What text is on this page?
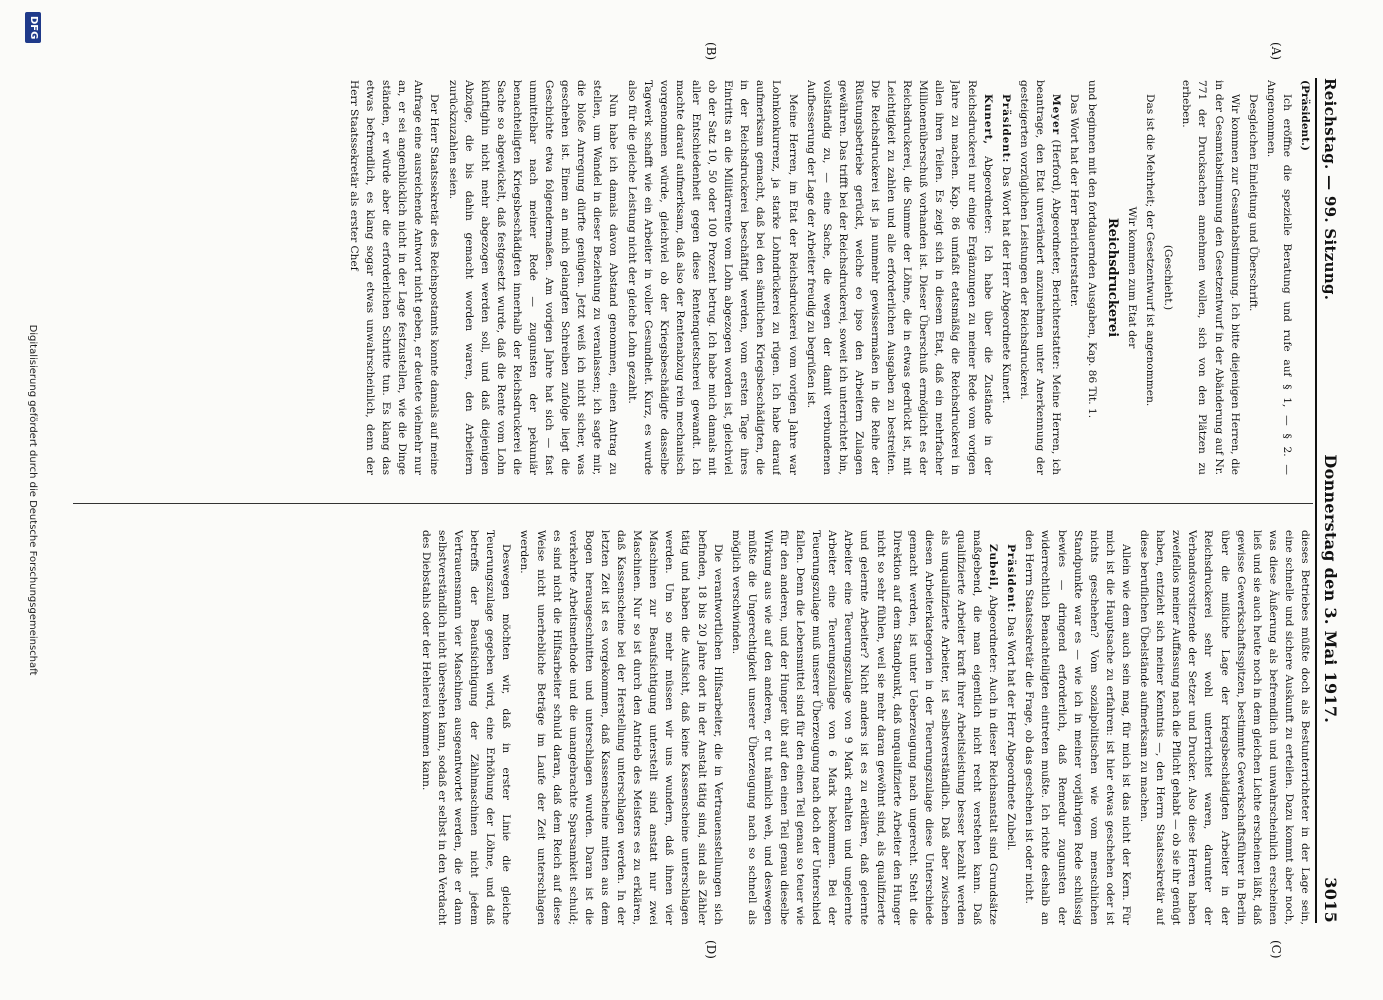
Reichstag. — 99. Sitzung.
Donnerstag den 3. Mai 1917.
3015
(A)
(B)
(C)
(D)

(Präsident.)

Ich eröffne die spezielle Beratung und rufe auf § 1, — § 2. — Angenommen.

Desgleichen Einleitung und Überschrift.

Wir kommen zur Gesamtabstimmung. Ich bitte diejenigen Herren, die in der Gesamtabstimmung den Gesetzentwurf in der Abänderung auf Nr. 771 der Drucksachen annehmen wollen, sich von den Plätzen zu erheben.

(Geschieht.)

Das ist die Mehrheit; der Gesetzentwurf ist angenommen.

Wir kommen zum Etat der

Reichsdruckerei

und beginnen mit den fortdauernden Ausgaben, Kap. 86 Tit. 1.

Das Wort hat der Herr Berichterstatter.

Meyer (Herford), Abgeordneter, Berichterstatter: Meine Herren, ich beantrage, den Etat unverändert anzunehmen unter Anerkennung der gesteigerten vorzüglichen Leistungen der Reichsdruckerei.

Präsident: Das Wort hat der Herr Abgeordnete Kunert.

Kunert, Abgeordneter: Ich habe über die Zustände in der Reichsdruckerei nur einige Ergänzungen zu meiner Rede vom vorigen Jahre zu machen. Kap. 86 umfaßt etatsmäßig die Reichsdruckerei in allen ihren Teilen. Es zeigt sich in diesem Etat, daß ein mehrfacher Millionenüberschuß vorhanden ist. Dieser Überschuß ermöglicht es der Reichsdruckerei, die Summe der Löhne, die in etwas gedrückt ist, mit Leichtigkeit zu zahlen und alle erforderlichen Ausgaben zu bestreiten. Die Reichsdruckerei ist ja nunmehr gewissermaßen in die Reihe der Rüstungsbetriebe gerückt, welche eo ipso den Arbeitern Zulagen gewähren. Das trifft bei der Reichsdruckerei, soweit ich unterrichtet bin, vollständig zu, — eine Sache, die wegen der damit verbundenen Aufbesserung der Lage der Arbeiter freudig zu begrüßen ist.

Meine Herren, im Etat der Reichsdruckerei vom vorigen Jahre war Lohnkonkurrenz, ja starke Lohndrückerei zu rügen. Ich habe darauf aufmerksam gemacht, daß bei den sämtlichen Kriegsbeschädigten, die in der Reichsdruckerei beschäftigt werden, vom ersten Tage ihres Eintritts an die Militärrente vom Lohn abgezogen worden ist, gleichviel ob der Satz 10, 50 oder 100 Prozent betrug. Ich habe mich damals mit aller Entschiedenheit gegen diese Rentenquetscherei gewandt. Ich machte darauf aufmerksam, daß also der Rentenabzug rein mechanisch vorgenommen würde, gleichviel ob der Kriegsbeschädigte dasselbe Tagwerk schafft wie ein Arbeiter in voller Gesundheit. Kurz, es wurde also für die gleiche Leistung nicht der gleiche Lohn gezahlt.

Nun habe ich damals davon Abstand genommen, einen Antrag zu stellen, um Wandel in dieser Beziehung zu veranlassen; ich sagte mir, die bloße Anregung dürfte genügen. Jetzt weiß ich nicht sicher, was geschehen ist. Einem an mich gelangten Schreiben zufolge liegt die Geschichte etwa folgendermaßen. Am vorigen Jahre hat sich — fast unmittelbar nach meiner Rede — zugunsten der pekuniär benachteiligten Kriegsbeschädigten innerhalb der Reichsdruckerei die Sache so abgewickelt, daß festgesetzt wurde, daß die Rente vom Lohn künftighin nicht mehr abgezogen werden soll, und daß diejenigen Abzüge, die bis dahin gemacht worden waren, den Arbeitern zurückzuzahlen seien.

Der Herr Staatssekretär des Reichspostamts konnte damals auf meine Anfrage eine ausreichende Antwort nicht geben, er deutete vielmehr nur an, er sei angenblicklich nicht in der Lage festzustellen, wie die Dinge ständen, er würde aber die erforderlichen Schritte tun. Es klang das etwas befremdlich, es klang sogar etwas unwahrscheinlich, denn der Herr Staatssekretär als erster Chef

dieses Betriebes müßte doch als Bestunterrichteter in der Lage sein, eine schnelle und sichere Auskunft zu erteilen. Dazu kommt aber noch, was diese Äußerung als befremdlich und unwahrscheinlich erscheinen ließ und sie auch heute noch in dem gleichen Lichte erscheinen läßt, daß gewisse Gewerkschaftsspitzen, bestimmte Gewerkschaftsführer in Berlin über die mißliche Lage der kriegsbeschädigten Arbeiter in der Reichsdruckerei sehr wohl unterrichtet waren, darunter der Verbandsvorsitzende der Setzer und Drucker. Also diese Herren haben zweifellos meiner Auffassung nach die Pflicht gehabt — ob sie ihr genügt haben, entzieht sich meiner Kenntnis —, den Herrn Staatssekretär auf diese beruflichen Übelstände aufmerksam zu machen.

Allein wie dem auch sein mag, für mich ist das nicht der Kern. Für mich ist die Hauptsache zu erfahren: ist hier etwas geschehen oder ist nichts geschehen? Vom sozialpolitischen wie vom menschlichen Standpunkte war es — wie ich in meiner vorjährigen Rede schlüssig bewies — dringend erforderlich, daß Remedur zugunsten der widerrechtlich Benachteiligten eintreten mußte. Ich richte deshalb an den Herrn Staatssekretär die Frage, ob das geschehen ist oder nicht.

Präsident: Das Wort hat der Herr Abgeordnete Zubeil.

Zubeil, Abgeordneter: Auch in dieser Reichsanstalt sind Grundsätze maßgebend, die man eigentlich nicht recht verstehen kann. Daß qualifizierte Arbeiter kraft ihrer Arbeitsleistung besser bezahlt werden als unqualifizierte Arbeiter, ist selbstverständlich. Daß aber zwischen diesen Arbeiterkategorien in der Teuerungszulage diese Unterschiede gemacht werden, ist unter Ueberzeugung nach ungerecht. Steht die Direktion auf dem Standpunkt, daß unqualifizierte Arbeiter den Hunger nicht so sehr fühlen, weil sie mehr daran gewöhnt sind, als qualifizierte und gelernte Arbeiter? Nicht anders ist es zu erklären, daß gelernte Arbeiter eine Teuerungszulage von 9 Mark erhalten und ungelernte Arbeiter eine Teuerungszulage von 6 Mark bekommen. Bei der Teuerungszulage muß unserer Überzeugung nach doch der Unterschied fallen. Denn die Lebensmittel sind für den einen Teil genau so teuer wie für den anderen, und der Hunger übt auf den einen Teil genau dieselbe Wirkung aus wie auf den anderen, er tut nämlich weh, und deswegen müßte die Ungerechtigkeit unserer Überzeugung nach so schnell als möglich verschwinden.

Die verantwortlichen Hilfsarbeiter, die in Vertrauensstellungen sich befinden, 18 bis 20 Jahre dort in der Anstalt tätig sind, sind als Zähler tätig und haben die Aufsicht, daß keine Kassenscheine unterschlagen werden. Um so mehr müssen wir uns wundern, daß ihnen vier Maschinen zur Beaufsichtigung unterstellt sind anstatt nur zwei Maschinen. Nur so ist durch den Antrieb des Meisters es zu erklären, daß Kassenscheine bei der Herstellung unterschlagen werden. In der letzten Zeit ist es vorgekommen, daß Kassenscheine mitten aus dem Bogen herausgeschnitten und unterschlagen wurden. Daran ist die verkehrte Arbeitsmethode und die unangebrachte Sparsamkeit schuld; es sind nicht die Hilfsarbeiter schuld daran, daß dem Reich auf diese Weise nicht unerhebliche Beträge im Laufe der Zeit unterschlagen werden.

Deswegen möchten wir, daß in erster Linie die gleiche Teuerungszulage gegeben wird, eine Erhöhung der Löhne, und daß betreffs der Beaufsichtigung der Zählmaschinen nicht jedem Vertrauensmann vier Maschinen ausgeantwortet werden, die er dann selbstverständlich nicht übersehen kann, sodaß er selbst in den Verdacht des Diebstahls oder der Hehlerei kommen kann.

Digitalisierung gefördert durch die Deutsche Forschungsgemeinschaft
DFG
